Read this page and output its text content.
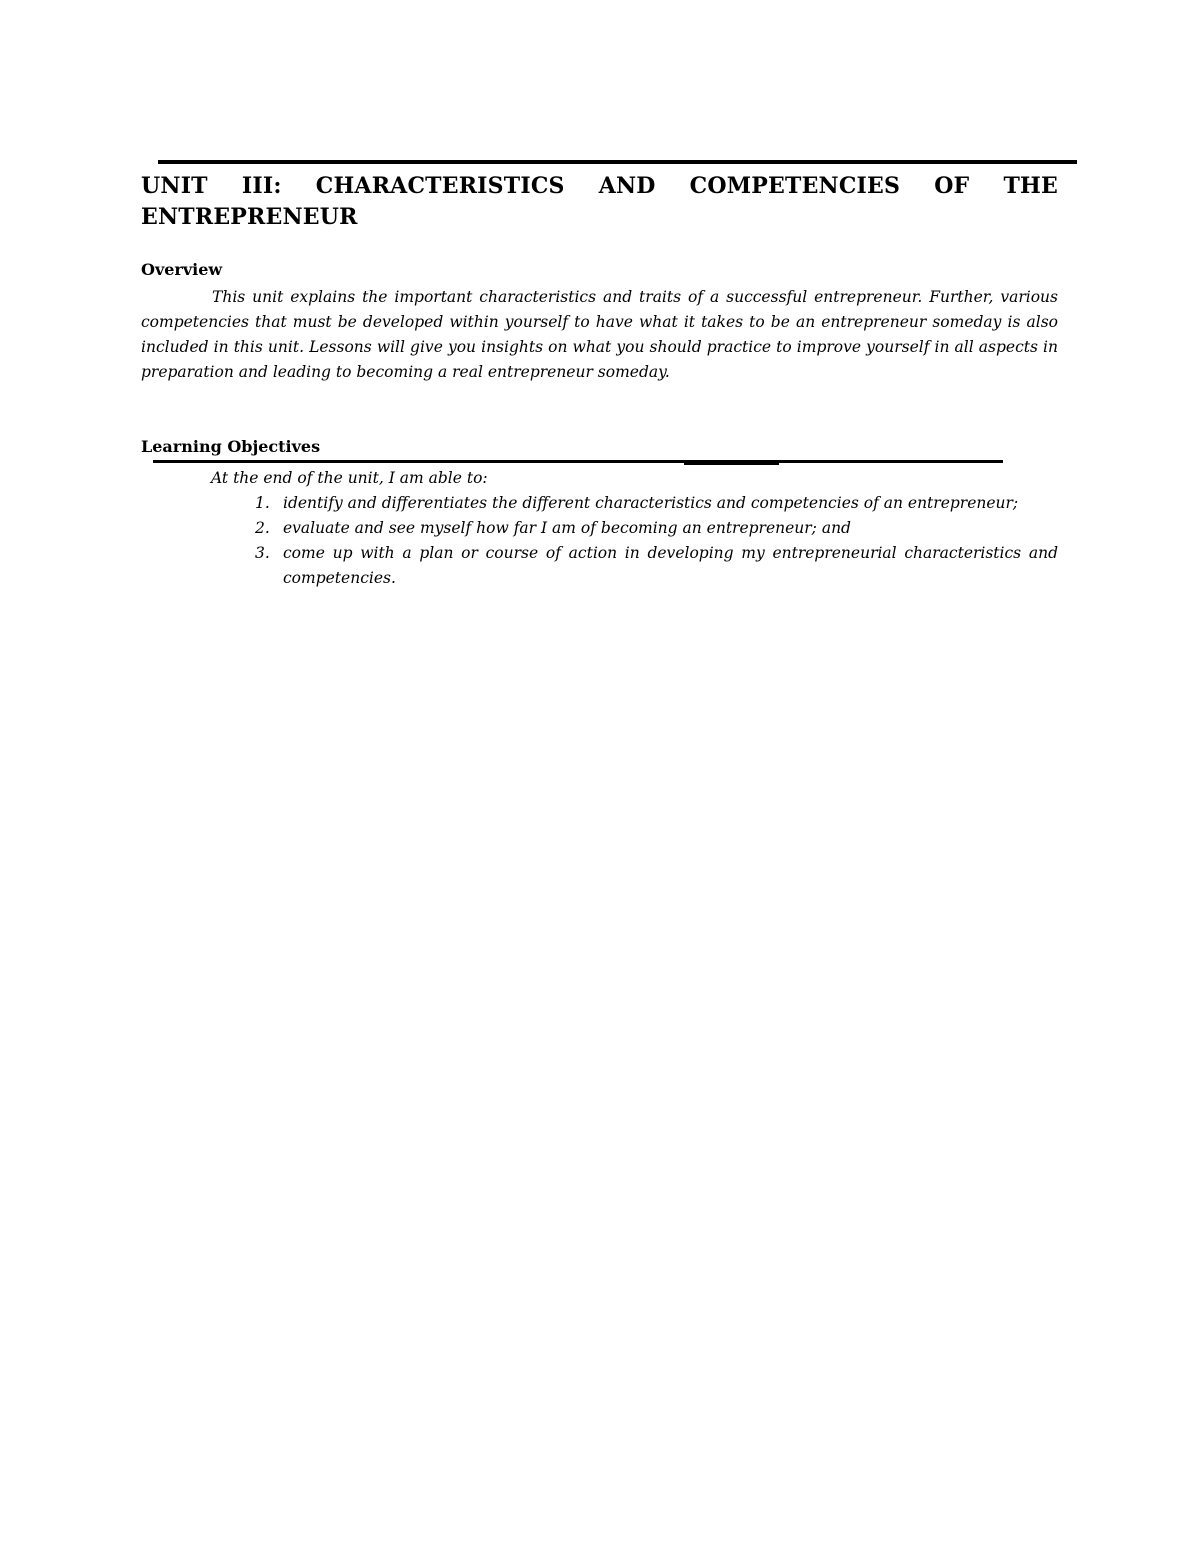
UNIT III: CHARACTERISTICS AND COMPETENCIES OF THE ENTREPRENEUR
Overview

This unit explains the important characteristics and traits of a successful entrepreneur. Further, various competencies that must be developed within yourself to have what it takes to be an entrepreneur someday is also included in this unit. Lessons will give you insights on what you should practice to improve yourself in all aspects in preparation and leading to becoming a real entrepreneur someday.

Learning Objectives

At the end of the unit, I am able to:

1. identify and differentiates the different characteristics and competencies of an entrepreneur;
2. evaluate and see myself how far I am of becoming an entrepreneur; and
3. come up with a plan or course of action in developing my entrepreneurial characteristics and competencies.
